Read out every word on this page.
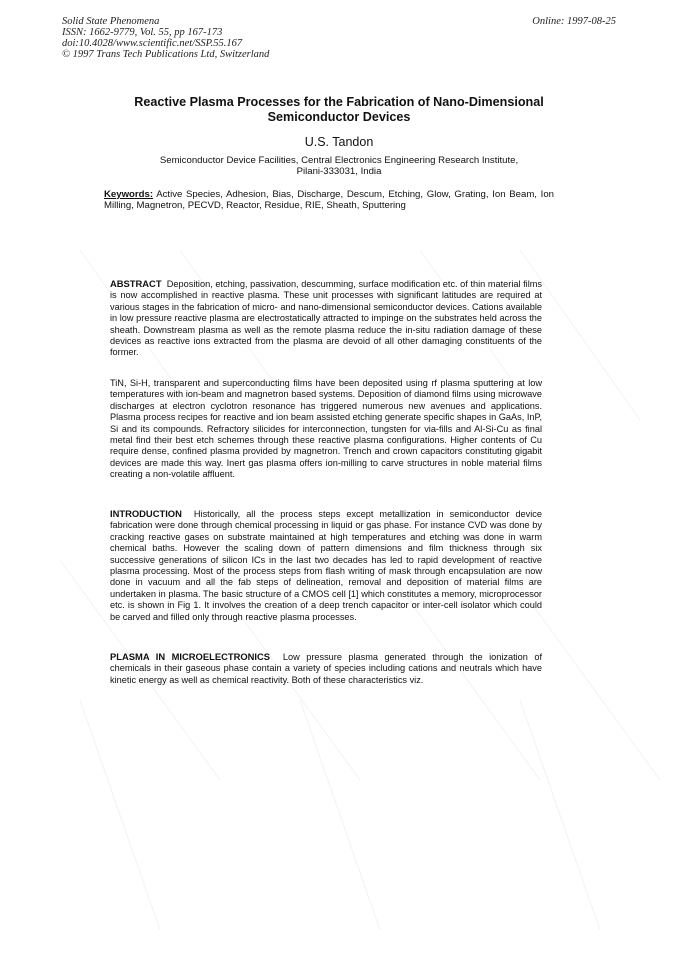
Solid State Phenomena
ISSN: 1662-9779, Vol. 55, pp 167-173
doi:10.4028/www.scientific.net/SSP.55.167
© 1997 Trans Tech Publications Ltd, Switzerland
Online: 1997-08-25
Reactive Plasma Processes for the Fabrication of Nano-Dimensional Semiconductor Devices
U.S. Tandon
Semiconductor Device Facilities, Central Electronics Engineering Research Institute,
Pilani-333031, India
Keywords: Active Species, Adhesion, Bias, Discharge, Descum, Etching, Glow, Grating, Ion Beam, Ion Milling, Magnetron, PECVD, Reactor, Residue, RIE, Sheath, Sputtering
ABSTRACT Deposition, etching, passivation, descumming, surface modification etc. of thin material films is now accomplished in reactive plasma. These unit processes with significant latitudes are required at various stages in the fabrication of micro- and nano-dimensional semiconductor devices. Cations available in low pressure reactive plasma are electrostatically attracted to impinge on the substrates held across the sheath. Downstream plasma as well as the remote plasma reduce the in-situ radiation damage of these devices as reactive ions extracted from the plasma are devoid of all other damaging constituents of the former.
TiN, Si-H, transparent and superconducting films have been deposited using rf plasma sputtering at low temperatures with ion-beam and magnetron based systems. Deposition of diamond films using microwave discharges at electron cyclotron resonance has triggered numerous new avenues and applications. Plasma process recipes for reactive and ion beam assisted etching generate specific shapes in GaAs, InP, Si and its compounds. Refractory silicides for interconnection, tungsten for via-fills and Al-Si-Cu as final metal find their best etch schemes through these reactive plasma configurations. Higher contents of Cu require dense, confined plasma provided by magnetron. Trench and crown capacitors constituting gigabit devices are made this way. Inert gas plasma offers ion-milling to carve structures in noble material films creating a non-volatile affluent.
INTRODUCTION Historically, all the process steps except metallization in semiconductor device fabrication were done through chemical processing in liquid or gas phase. For instance CVD was done by cracking reactive gases on substrate maintained at high temperatures and etching was done in warm chemical baths. However the scaling down of pattern dimensions and film thickness through six successive generations of silicon ICs in the last two decades has led to rapid development of reactive plasma processing. Most of the process steps from flash writing of mask through encapsulation are now done in vacuum and all the fab steps of delineation, removal and deposition of material films are undertaken in plasma. The basic structure of a CMOS cell [1] which constitutes a memory, microprocessor etc. is shown in Fig 1. It involves the creation of a deep trench capacitor or inter-cell isolator which could be carved and filled only through reactive plasma processes.
PLASMA IN MICROELECTRONICS Low pressure plasma generated through the ionization of chemicals in their gaseous phase contain a variety of species including cations and neutrals which have kinetic energy as well as chemical reactivity. Both of these characteristics viz.
